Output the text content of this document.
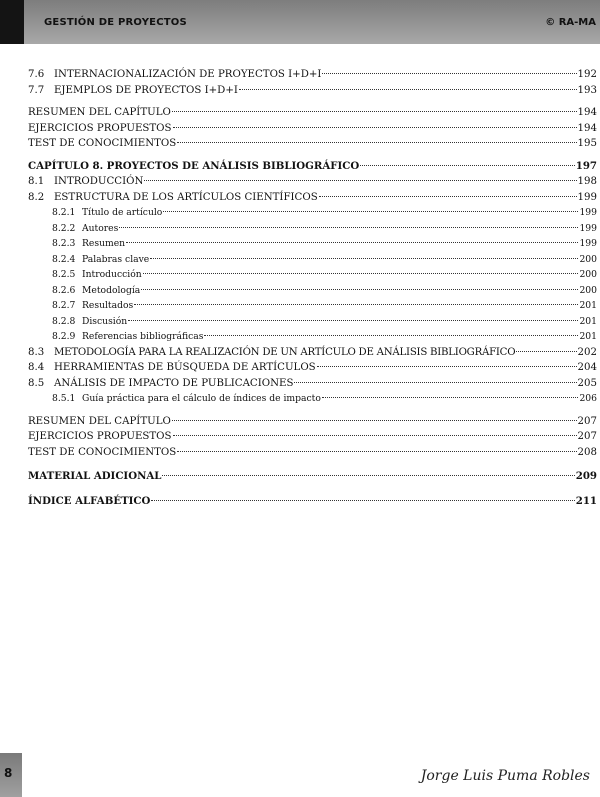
GESTIÓN DE PROYECTOS	© RA-MA
7.6 INTERNACIONALIZACIÓN DE PROYECTOS I+D+I	192
7.7 EJEMPLOS DE PROYECTOS I+D+I	193
RESUMEN DEL CAPÍTULO	194
EJERCICIOS PROPUESTOS	194
TEST DE CONOCIMIENTOS	195
CAPÍTULO 8. PROYECTOS DE ANÁLISIS BIBLIOGRÁFICO	197
8.1 INTRODUCCIÓN	198
8.2 ESTRUCTURA DE LOS ARTÍCULOS CIENTÍFICOS	199
8.2.1 Título de artículo	199
8.2.2 Autores	199
8.2.3 Resumen	199
8.2.4 Palabras clave	200
8.2.5 Introducción	200
8.2.6 Metodología	200
8.2.7 Resultados	201
8.2.8 Discusión	201
8.2.9 Referencias bibliográficas	201
8.3 METODOLOGÍA PARA LA REALIZACIÓN DE UN ARTÍCULO DE ANÁLISIS BIBLIOGRÁFICO	202
8.4 HERRAMIENTAS DE BÚSQUEDA DE ARTÍCULOS	204
8.5 ANÁLISIS DE IMPACTO DE PUBLICACIONES	205
8.5.1 Guía práctica para el cálculo de índices de impacto	206
RESUMEN DEL CAPÍTULO	207
EJERCICIOS PROPUESTOS	207
TEST DE CONOCIMIENTOS	208
MATERIAL ADICIONAL	209
ÍNDICE ALFABÉTICO	211
8	Jorge Luis Puma Robles
